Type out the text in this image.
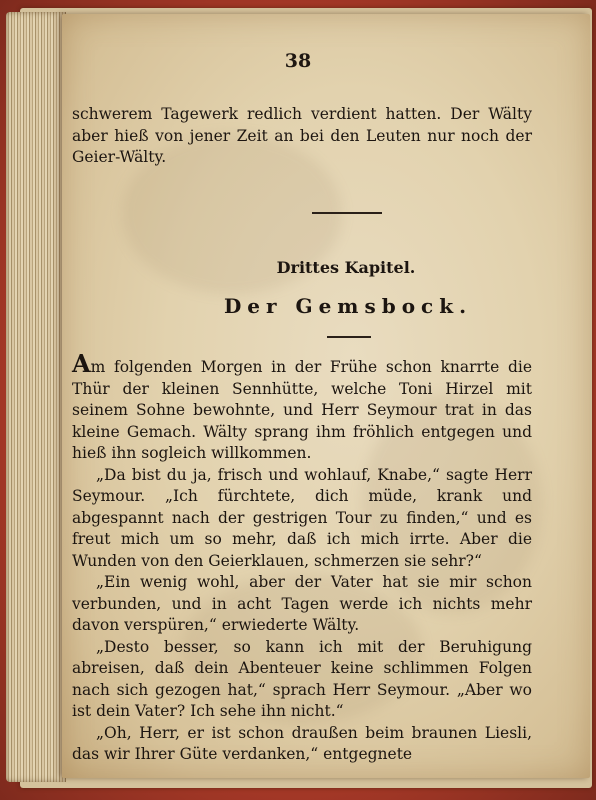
38
schwerem Tagewerk redlich verdient hatten. Der Wälty aber hieß von jener Zeit an bei den Leuten nur noch der Geier-Wälty.
Drittes Kapitel.
Der Gemsbock.

Am folgenden Morgen in der Frühe schon knarrte die Thür der kleinen Sennhütte, welche Toni Hirzel mit seinem Sohne bewohnte, und Herr Seymour trat in das kleine Gemach. Wälty sprang ihm fröhlich entgegen und hieß ihn sogleich willkommen.

„Da bist du ja, frisch und wohlauf, Knabe,“ sagte Herr Seymour. „Ich fürchtete, dich müde, krank und abgespannt nach der gestrigen Tour zu finden,“ und es freut mich um so mehr, daß ich mich irrte. Aber die Wunden von den Geierklauen, schmerzen sie sehr?“

„Ein wenig wohl, aber der Vater hat sie mir schon verbunden, und in acht Tagen werde ich nichts mehr davon verspüren,“ erwiederte Wälty.

„Desto besser, so kann ich mit der Beruhigung abreisen, daß dein Abenteuer keine schlimmen Folgen nach sich gezogen hat,“ sprach Herr Seymour. „Aber wo ist dein Vater? Ich sehe ihn nicht.“

„Oh, Herr, er ist schon draußen beim braunen Liesli, das wir Ihrer Güte verdanken,“ entgegnete
